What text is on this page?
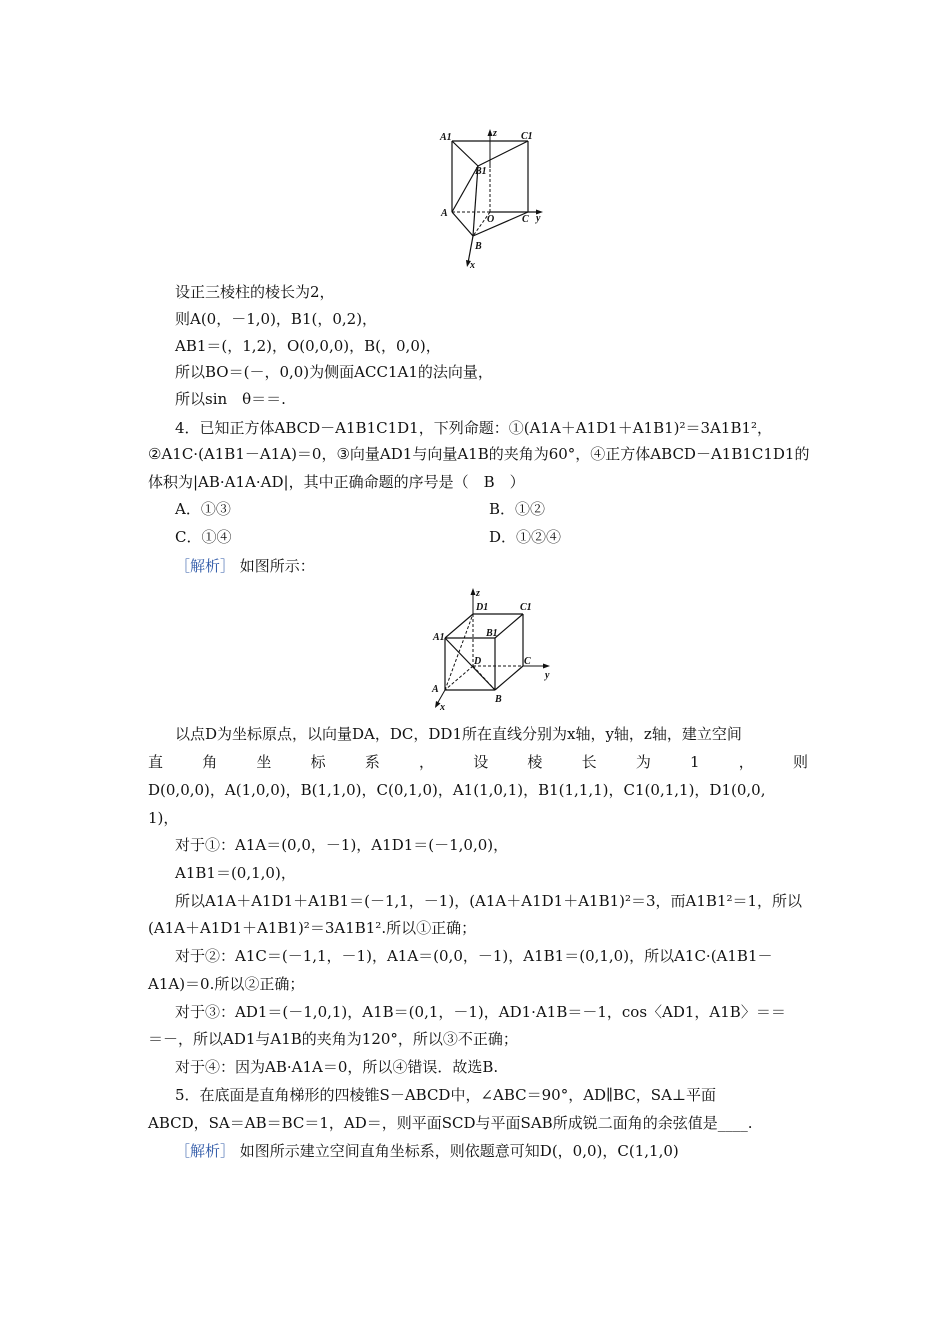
A1	z C1
B1
A
O	C y
B
x
设正三棱柱的棱长为2，
则A(0，－1,0)，B1(，0,2)，
AB1＝(，1,2)，O(0,0,0)，B(，0,0)，
所以BO＝(－，0,0)为侧面ACC1A1的法向量，
所以sin　θ＝＝.
4．已知正方体ABCD－A1B1C1D1，下列命题：①(A1A＋A1D1＋A1B1)²＝3A1B1²，
②A1C·(A1B1－A1A)＝0，③向量AD1与向量A1B的夹角为60°，④正方体ABCD－A1B1C1D1的
体积为|AB·A1A·AD|，其中正确命题的序号是（　B　）
A．①③	B．①②
C．①④	D．①②④
［解析］ 如图所示：
z
D1	C1
A1	B1
D	C
y
A
B
x
以点D为坐标原点，以向量DA，DC，DD1所在直线分别为x轴，y轴，z轴，建立空间
直	角	坐	标	系	，	设	棱	长	为	1	，	则
D(0,0,0)，A(1,0,0)，B(1,1,0)，C(0,1,0)，A1(1,0,1)，B1(1,1,1)，C1(0,1,1)，D1(0,0,
1)，
对于①：A1A＝(0,0，－1)，A1D1＝(－1,0,0)，
A1B1＝(0,1,0)，
所以A1A＋A1D1＋A1B1＝(－1,1，－1)，(A1A＋A1D1＋A1B1)²＝3，而A1B1²＝1，所以
(A1A＋A1D1＋A1B1)²＝3A1B1².所以①正确；
对于②：A1C＝(－1,1，－1)，A1A＝(0,0，－1)，A1B1＝(0,1,0)，所以A1C·(A1B1－
A1A)＝0.所以②正确；
对于③：AD1＝(－1,0,1)，A1B＝(0,1，－1)，AD1·A1B＝－1，cos〈AD1，A1B〉＝＝
＝－，所以AD1与A1B的夹角为120°，所以③不正确；
对于④：因为AB·A1A＝0，所以④错误．故选B.
5．在底面是直角梯形的四棱锥S－ABCD中，∠ABC＝90°，AD∥BC，SA⊥平面
ABCD，SA＝AB＝BC＝1，AD＝，则平面SCD与平面SAB所成锐二面角的余弦值是____.
［解析］ 如图所示建立空间直角坐标系，则依题意可知D(，0,0)，C(1,1,0)
